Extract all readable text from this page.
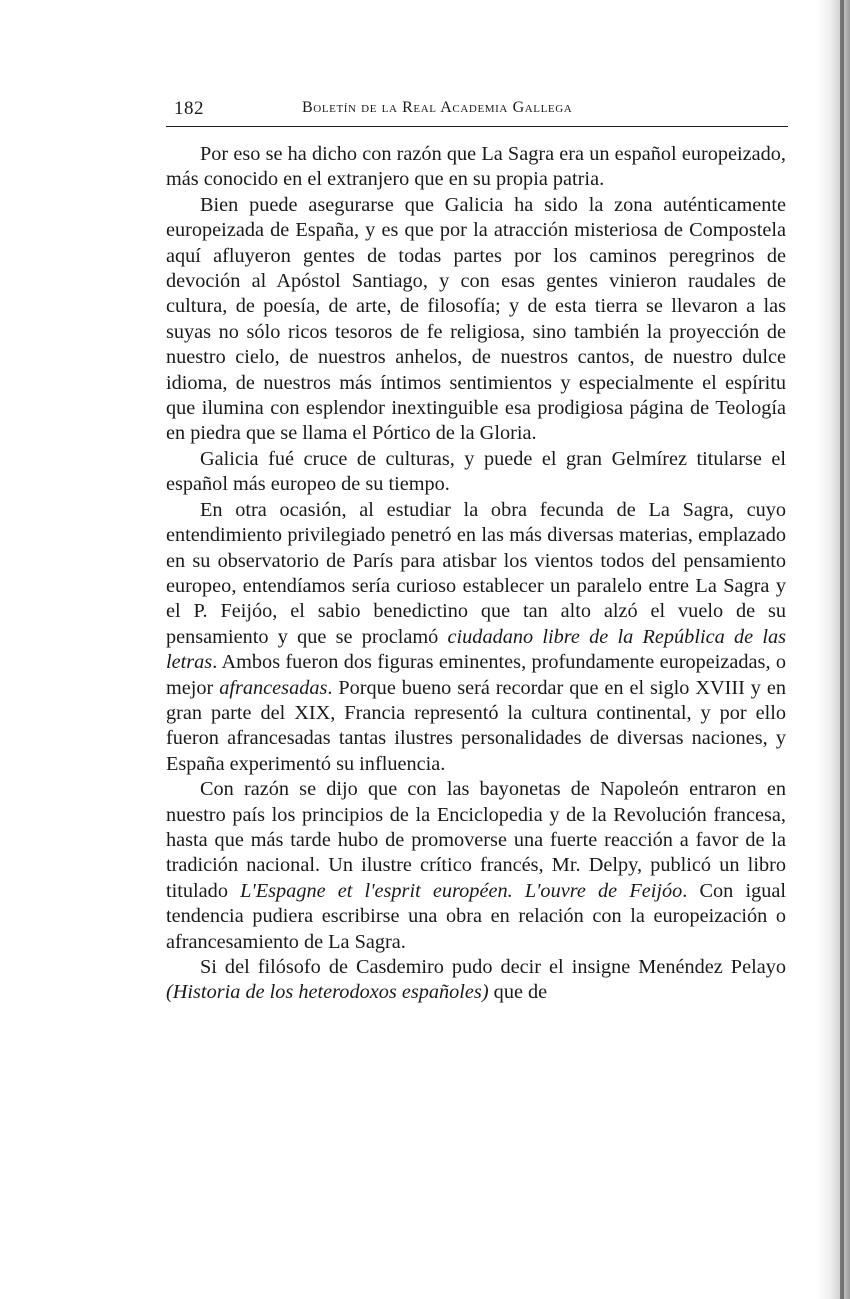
182	Boletín de la Real Academia Gallega

Por eso se ha dicho con razón que La Sagra era un español europeizado, más conocido en el extranjero que en su propia patria.

Bien puede asegurarse que Galicia ha sido la zona auténticamente europeizada de España, y es que por la atracción misteriosa de Compostela aquí afluyeron gentes de todas partes por los caminos peregrinos de devoción al Apóstol Santiago, y con esas gentes vinieron raudales de cultura, de poesía, de arte, de filosofía; y de esta tierra se llevaron a las suyas no sólo ricos tesoros de fe religiosa, sino también la proyección de nuestro cielo, de nuestros anhelos, de nuestros cantos, de nuestro dulce idioma, de nuestros más íntimos sentimientos y especialmente el espíritu que ilumina con esplendor inextinguible esa prodigiosa página de Teología en piedra que se llama el Pórtico de la Gloria.

Galicia fué cruce de culturas, y puede el gran Gelmírez titularse el español más europeo de su tiempo.

En otra ocasión, al estudiar la obra fecunda de La Sagra, cuyo entendimiento privilegiado penetró en las más diversas materias, emplazado en su observatorio de París para atisbar los vientos todos del pensamiento europeo, entendíamos sería curioso establecer un paralelo entre La Sagra y el P. Feijóo, el sabio benedictino que tan alto alzó el vuelo de su pensamiento y que se proclamó ciudadano libre de la República de las letras. Ambos fueron dos figuras eminentes, profundamente europeizadas, o mejor afrancesadas. Porque bueno será recordar que en el siglo XVIII y en gran parte del XIX, Francia representó la cultura continental, y por ello fueron afrancesadas tantas ilustres personalidades de diversas naciones, y España experimentó su influencia.

Con razón se dijo que con las bayonetas de Napoleón entraron en nuestro país los principios de la Enciclopedia y de la Revolución francesa, hasta que más tarde hubo de promoverse una fuerte reacción a favor de la tradición nacional. Un ilustre crítico francés, Mr. Delpy, publicó un libro titulado L'Espagne et l'esprit européen. L'ouvre de Feijóo. Con igual tendencia pudiera escribirse una obra en relación con la europeización o afrancesamiento de La Sagra.

Si del filósofo de Casdemiro pudo decir el insigne Menéndez Pelayo (Historia de los heterodoxos españoles) que de
